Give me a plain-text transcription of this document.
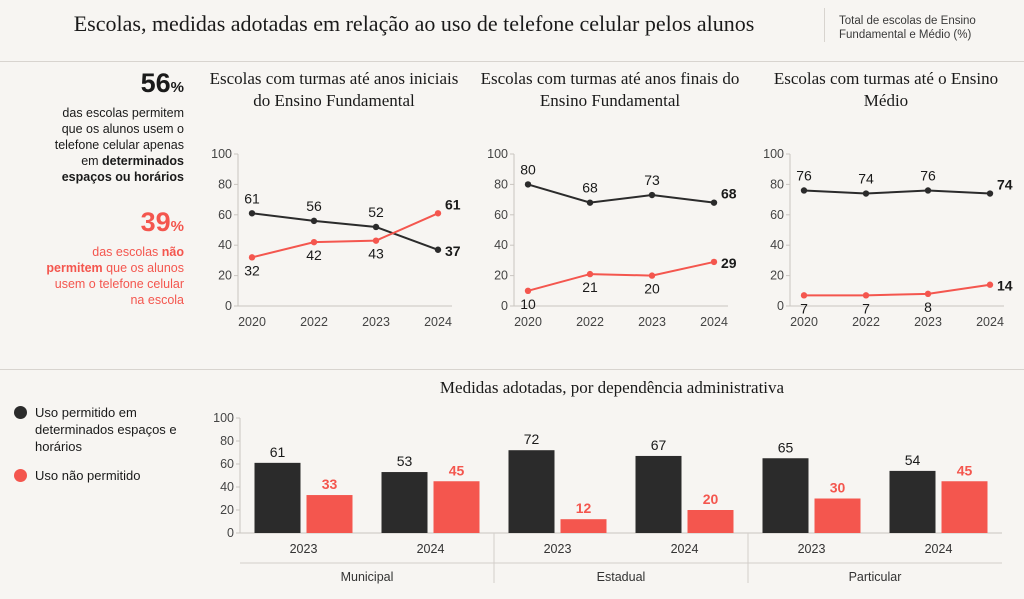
Escolas, medidas adotadas em relação ao uso de telefone celular pelos alunos	Total de escolas de Ensino Fundamental e Médio (%)
56%
das escolas permitem
que os alunos usem o
telefone celular apenas
em determinados
espaços ou horários
39%
das escolas não
permitem que os alunos
usem o telefone celular
na escola
Escolas com turmas até anos iniciais do Ensino Fundamental
0
20
40
60
80
100
2020	2022	2023	2024
61	56	52
37
32
42	43
61
Escolas com turmas até anos finais do Ensino Fundamental
0
20
40
60
80
100
2020	2022	2023	2024
80
68	73
68
10
21	20
29
Escolas com turmas até o Ensino Médio
0
20
40
60
80
100
2020	2022	2023	2024
76	74	76
74
7	7	8
14
Uso permitido em determinados espaços e horários
Uso não permitido
Medidas adotadas, por dependência administrativa
0
20
40
60
80
100
61
33
2023
53
45
2024
Municipal
72
12
2023
67
20
2024
Estadual
65
30
2023
54
45
2024
Particular
